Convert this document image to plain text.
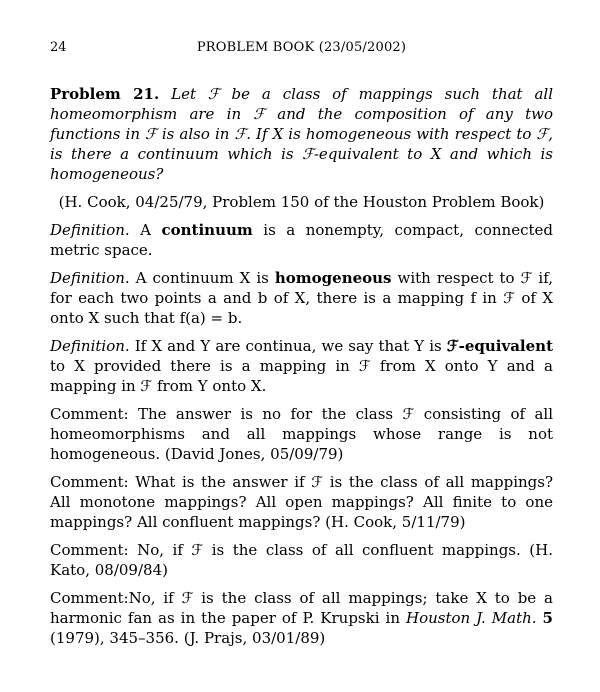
24	PROBLEM BOOK (23/05/2002)

Problem 21. Let ℱ be a class of mappings such that all homeomorphism are in ℱ and the composition of any two functions in ℱ is also in ℱ. If X is homogeneous with respect to ℱ, is there a continuum which is ℱ-equivalent to X and which is homogeneous?

(H. Cook, 04/25/79, Problem 150 of the Houston Problem Book)

Definition. A continuum is a nonempty, compact, connected metric space.

Definition. A continuum X is homogeneous with respect to ℱ if, for each two points a and b of X, there is a mapping f in ℱ of X onto X such that f(a) = b.

Definition. If X and Y are continua, we say that Y is ℱ-equivalent to X provided there is a mapping in ℱ from X onto Y and a mapping in ℱ from Y onto X.

Comment: The answer is no for the class ℱ consisting of all homeomorphisms and all mappings whose range is not homogeneous. (David Jones, 05/09/79)

Comment: What is the answer if ℱ is the class of all mappings? All monotone mappings? All open mappings? All finite to one mappings? All confluent mappings? (H. Cook, 5/11/79)

Comment: No, if ℱ is the class of all confluent mappings. (H. Kato, 08/09/84)

Comment:No, if ℱ is the class of all mappings; take X to be a harmonic fan as in the paper of P. Krupski in Houston J. Math. 5 (1979), 345–356. (J. Prajs, 03/01/89)
